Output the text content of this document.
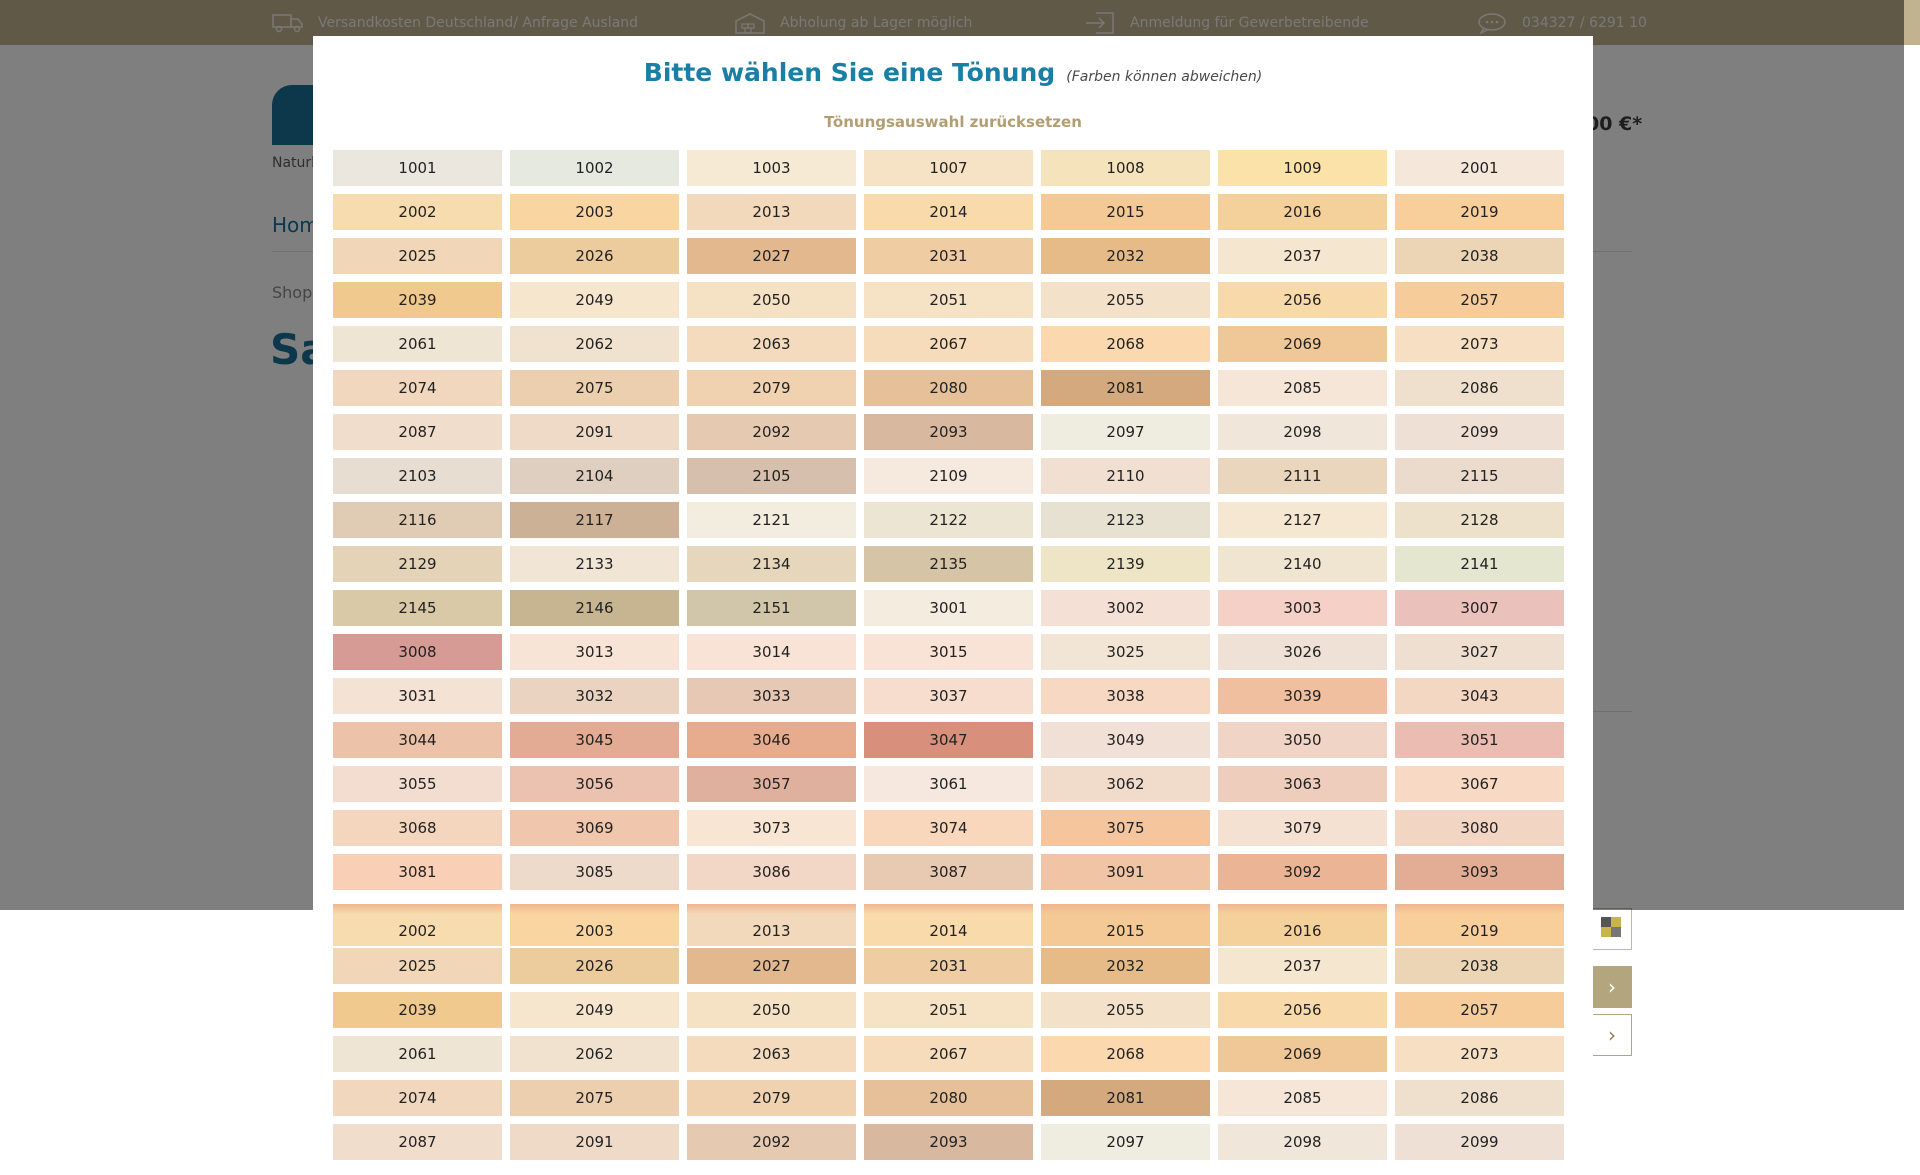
›
›
Bitte wählen Sie eine Tönung (Farben können abweichen)
Tönungsauswahl zurücksetzen
1001	1002	1003	1007	1008	1009	2001
2002	2003	2013	2014	2015	2016	2019
2025	2026	2027	2031	2032	2037	2038
2039	2049	2050	2051	2055	2056	2057
2061	2062	2063	2067	2068	2069	2073
2074	2075	2079	2080	2081	2085	2086
2087	2091	2092	2093	2097	2098	2099
2103	2104	2105	2109	2110	2111	2115
2116	2117	2121	2122	2123	2127	2128
2129	2133	2134	2135	2139	2140	2141
2145	2146	2151	3001	3002	3003	3007
3008	3013	3014	3015	3025	3026	3027
3031	3032	3033	3037	3038	3039	3043
3044	3045	3046	3047	3049	3050	3051
3055	3056	3057	3061	3062	3063	3067
3068	3069	3073	3074	3075	3079	3080
3081	3085	3086	3087	3091	3092	3093
2002	2003	2013	2014	2015	2016	2019
2025	2026	2027	2031	2032	2037	2038
2039	2049	2050	2051	2055	2056	2057
2061	2062	2063	2067	2068	2069	2073
2074	2075	2079	2080	2081	2085	2086
2087	2091	2092	2093	2097	2098	2099
